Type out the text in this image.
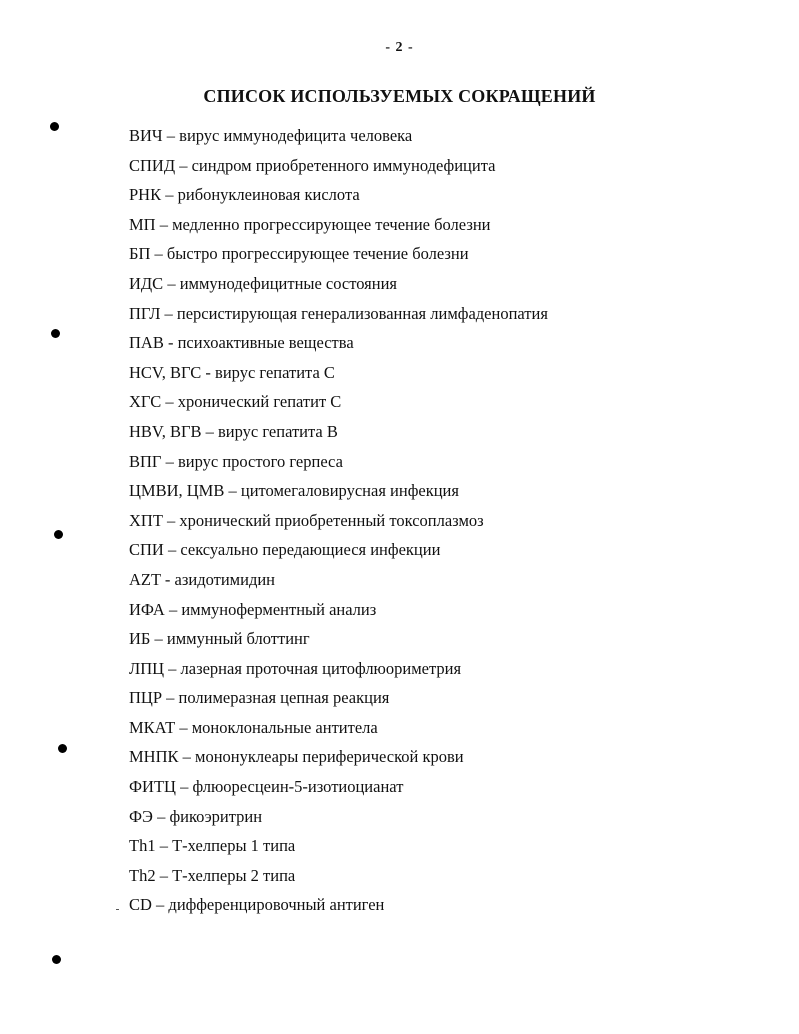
- 2 -
СПИСОК ИСПОЛЬЗУЕМЫХ СОКРАЩЕНИЙ
ВИЧ – вирус иммунодефицита человека
СПИД – синдром приобретенного иммунодефицита
РНК – рибонуклеиновая кислота
МП – медленно прогрессирующее течение болезни
БП – быстро прогрессирующее течение болезни
ИДС – иммунодефицитные состояния
ПГЛ – персистирующая генерализованная лимфаденопатия
ПАВ - психоактивные вещества
HCV, ВГС - вирус гепатита С
ХГС – хронический гепатит С
HBV, ВГВ – вирус гепатита В
ВПГ – вирус простого герпеса
ЦМВИ, ЦМВ – цитомегаловирусная инфекция
ХПТ – хронический приобретенный токсоплазмоз
СПИ – сексуально передающиеся инфекции
AZT - азидотимидин
ИФА – иммуноферментный анализ
ИБ – иммунный блоттинг
ЛПЦ – лазерная проточная цитофлюориметрия
ПЦР – полимеразная цепная реакция
МКАТ – моноклональные антитела
МНПК – мононуклеары периферической крови
ФИТЦ – флюоресцеин-5-изотиоцианат
ФЭ – фикоэритрин
Th1 – Т-хелперы 1 типа
Th2 – Т-хелперы 2 типа
CD – дифференцировочный антиген
